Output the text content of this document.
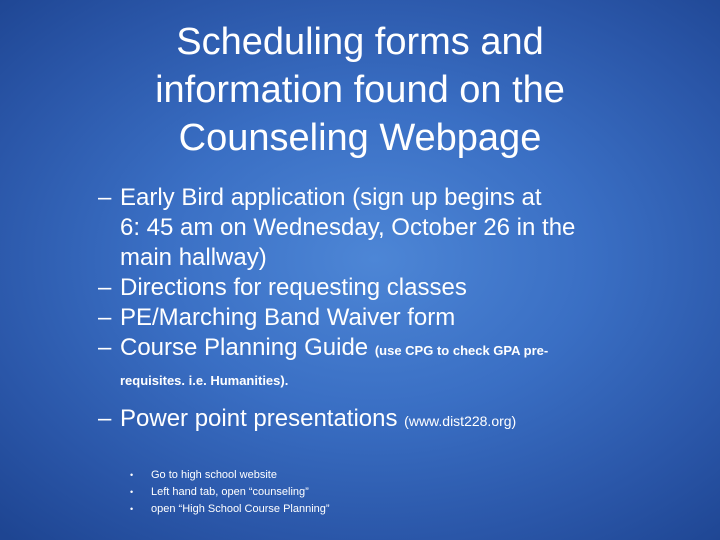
Scheduling forms and
information found on the
Counseling Webpage
– Early Bird application (sign up begins at
6: 45 am on Wednesday, October 26 in the
main hallway)
– Directions for requesting classes
– PE/Marching Band Waiver form
– Course Planning Guide (use CPG to check GPA pre-
requisites. i.e. Humanities).
– Power point presentations (www.dist228.org)
• Go to high school website
• Left hand tab, open “counseling”
• open “High School Course Planning”
